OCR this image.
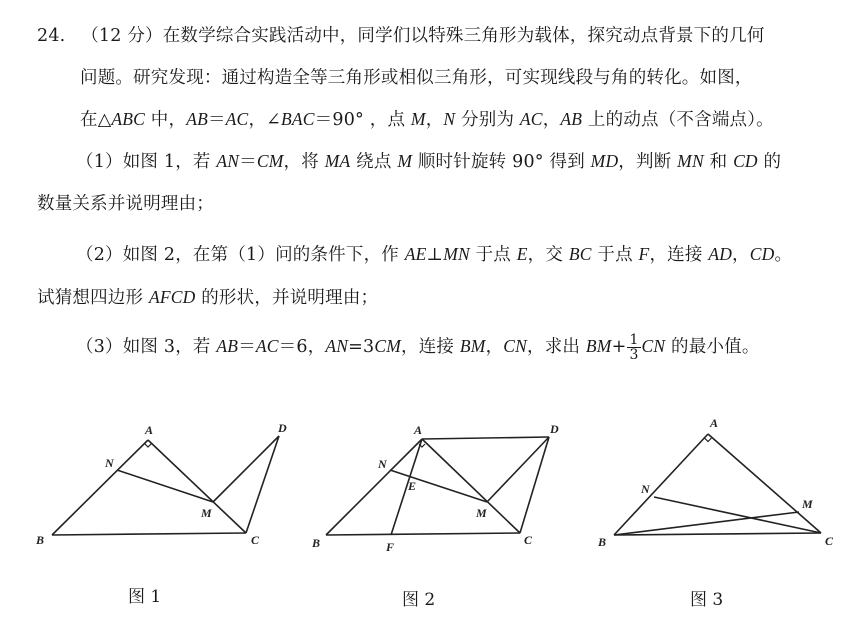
24. （12 分）在数学综合实践活动中，同学们以特殊三角形为载体，探究动点背景下的几何
问题。研究发现：通过构造全等三角形或相似三角形，可实现线段与角的转化。如图，
在△ABC 中，AB＝AC，∠BAC＝90° ，点 M，N 分别为 AC，AB 上的动点（不含端点）。
（1）如图 1，若 AN＝CM，将 MA 绕点 M 顺时针旋转 90° 得到 MD，判断 MN 和 CD 的
数量关系并说明理由；
（2）如图 2，在第（1）问的条件下，作 AE⊥MN 于点 E，交 BC 于点 F，连接 AD，CD。
试猜想四边形 AFCD 的形状，并说明理由；
（3）如图 3，若 AB＝AC＝6，AN=3CM，连接 BM，CN，求出 $BM+ \frac{1}{3}$ CN 的最小值。
A
B	C
D
M
N
A
B	C
D
M
N
E
F
A
B	C
M
N
图 1	图 2	图 3
